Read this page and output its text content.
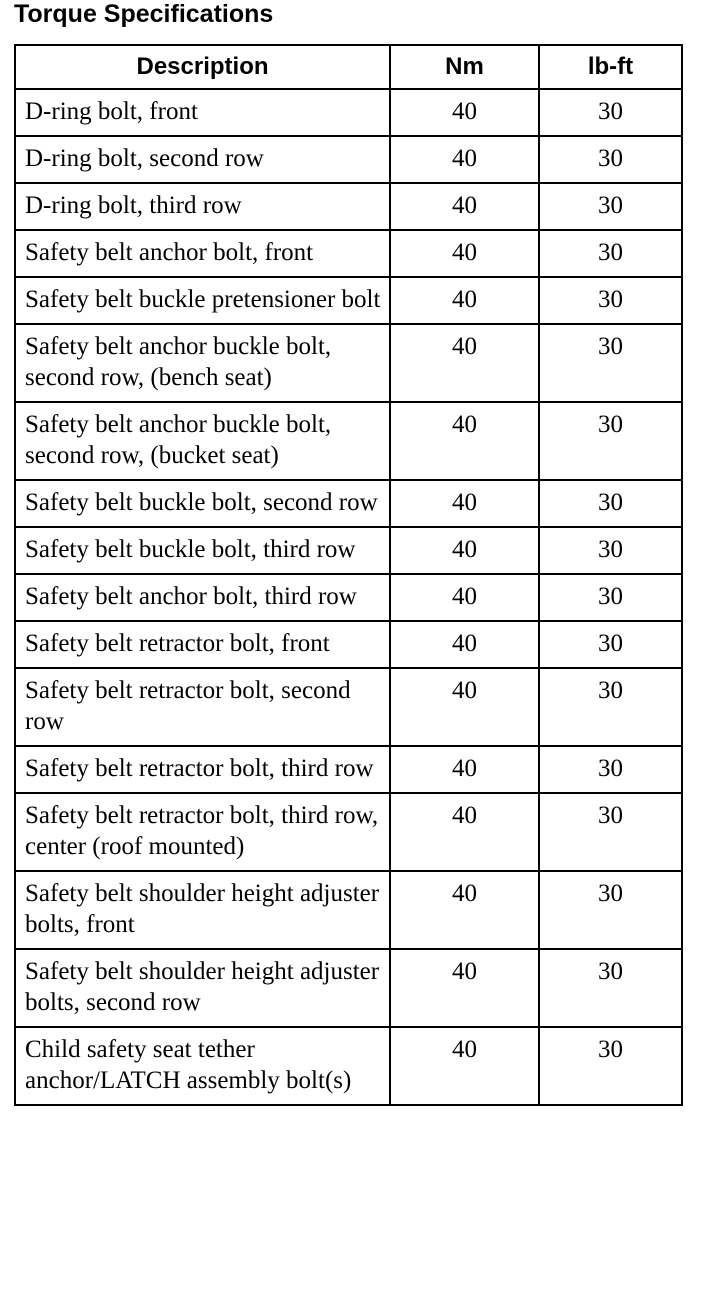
Torque Specifications
Description	Nm	lb-ft
D-ring bolt, front	40	30
D-ring bolt, second row	40	30
D-ring bolt, third row	40	30
Safety belt anchor bolt, front	40	30
Safety belt buckle pretensioner bolt	40	30
Safety belt anchor buckle bolt, second row, (bench seat)	40	30
Safety belt anchor buckle bolt, second row, (bucket seat)	40	30
Safety belt buckle bolt, second row	40	30
Safety belt buckle bolt, third row	40	30
Safety belt anchor bolt, third row	40	30
Safety belt retractor bolt, front	40	30
Safety belt retractor bolt, second row	40	30
Safety belt retractor bolt, third row	40	30
Safety belt retractor bolt, third row, center (roof mounted)	40	30
Safety belt shoulder height adjuster bolts, front	40	30
Safety belt shoulder height adjuster bolts, second row	40	30
Child safety seat tether anchor/LATCH assembly bolt(s)	40	30
